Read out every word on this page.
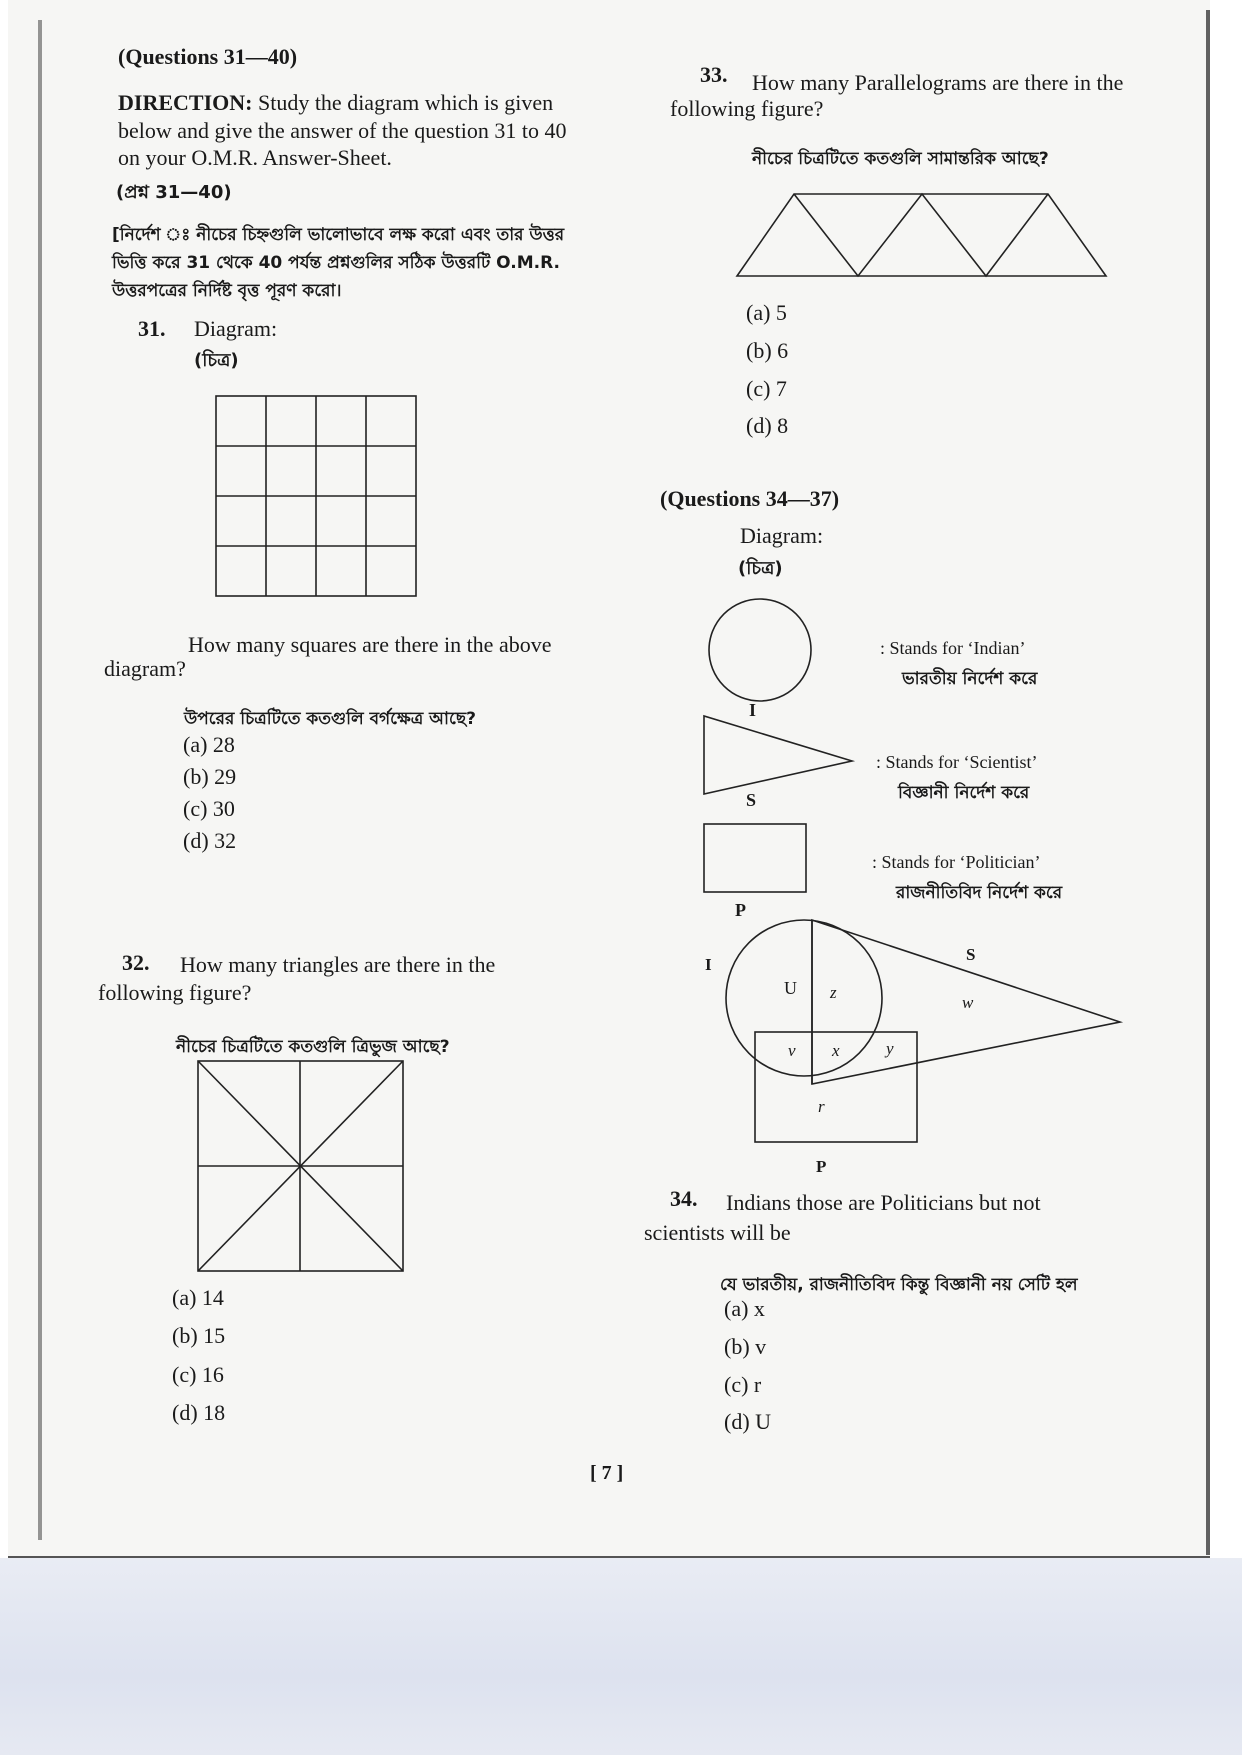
(Questions 31—40)
DIRECTION: Study the diagram which is given
below and give the answer of the question 31 to 40
on your O.M.R. Answer-Sheet.
(প্রশ্ন 31—40)
[নির্দেশ ঃ নীচের চিহ্নগুলি ভালোভাবে লক্ষ করো এবং তার উত্তর
ভিত্তি করে 31 থেকে 40 পর্যন্ত প্রশ্নগুলির সঠিক উত্তরটি O.M.R.
উত্তরপত্রের নির্দিষ্ট বৃত্ত পূরণ করো।
31. Diagram:
(চিত্র)
How many squares are there in the above
diagram?
উপরের চিত্রটিতে কতগুলি বর্গক্ষেত্র আছে?
(a) 28
(b) 29
(c) 30
(d) 32
32. How many triangles are there in the
following figure?
নীচের চিত্রটিতে কতগুলি ত্রিভুজ আছে?
(a) 14
(b) 15
(c) 16
(d) 18
33. How many Parallelograms are there in the
following figure?
নীচের চিত্রটিতে কতগুলি সামান্তরিক আছে?
(a) 5
(b) 6
(c) 7
(d) 8
(Questions 34—37)
Diagram:
(চিত্র)
I
S
P
: Stands for ‘Indian’
ভারতীয় নির্দেশ করে
: Stands for ‘Scientist’
বিজ্ঞানী নির্দেশ করে
: Stands for ‘Politician’
রাজনীতিবিদ নির্দেশ করে
I
S
P
U z
w
v x	y
r
34. Indians those are Politicians but not
scientists will be
যে ভারতীয়, রাজনীতিবিদ কিন্তু বিজ্ঞানী নয় সেটি হল
(a) x
(b) v
(c) r
(d) U
[ 7 ]
